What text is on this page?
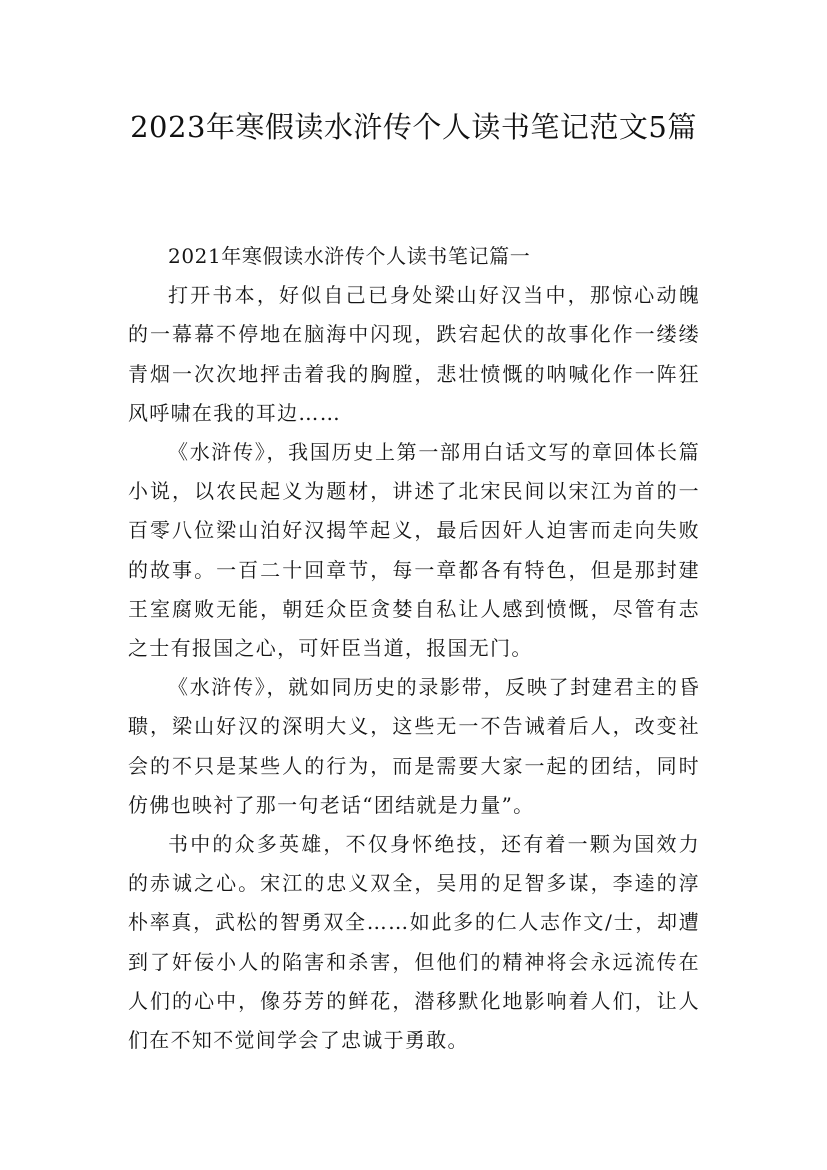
2023年寒假读水浒传个人读书笔记范文5篇

2021年寒假读水浒传个人读书笔记篇一

打开书本，好似自己已身处梁山好汉当中，那惊心动魄的一幕幕不停地在脑海中闪现，跌宕起伏的故事化作一缕缕青烟一次次地抨击着我的胸膛，悲壮愤慨的呐喊化作一阵狂风呼啸在我的耳边……

《水浒传》，我国历史上第一部用白话文写的章回体长篇小说，以农民起义为题材，讲述了北宋民间以宋江为首的一百零八位梁山泊好汉揭竿起义，最后因奸人迫害而走向失败的故事。一百二十回章节，每一章都各有特色，但是那封建王室腐败无能，朝廷众臣贪婪自私让人感到愤慨，尽管有志之士有报国之心，可奸臣当道，报国无门。

《水浒传》，就如同历史的录影带，反映了封建君主的昏聩，梁山好汉的深明大义，这些无一不告诫着后人，改变社会的不只是某些人的行为，而是需要大家一起的团结，同时仿佛也映衬了那一句老话“团结就是力量”。

书中的众多英雄，不仅身怀绝技，还有着一颗为国效力的赤诚之心。宋江的忠义双全，吴用的足智多谋，李逵的淳朴率真，武松的智勇双全……如此多的仁人志作文/士，却遭到了奸佞小人的陷害和杀害，但他们的精神将会永远流传在人们的心中，像芬芳的鲜花，潜移默化地影响着人们，让人们在不知不觉间学会了忠诚于勇敢。
